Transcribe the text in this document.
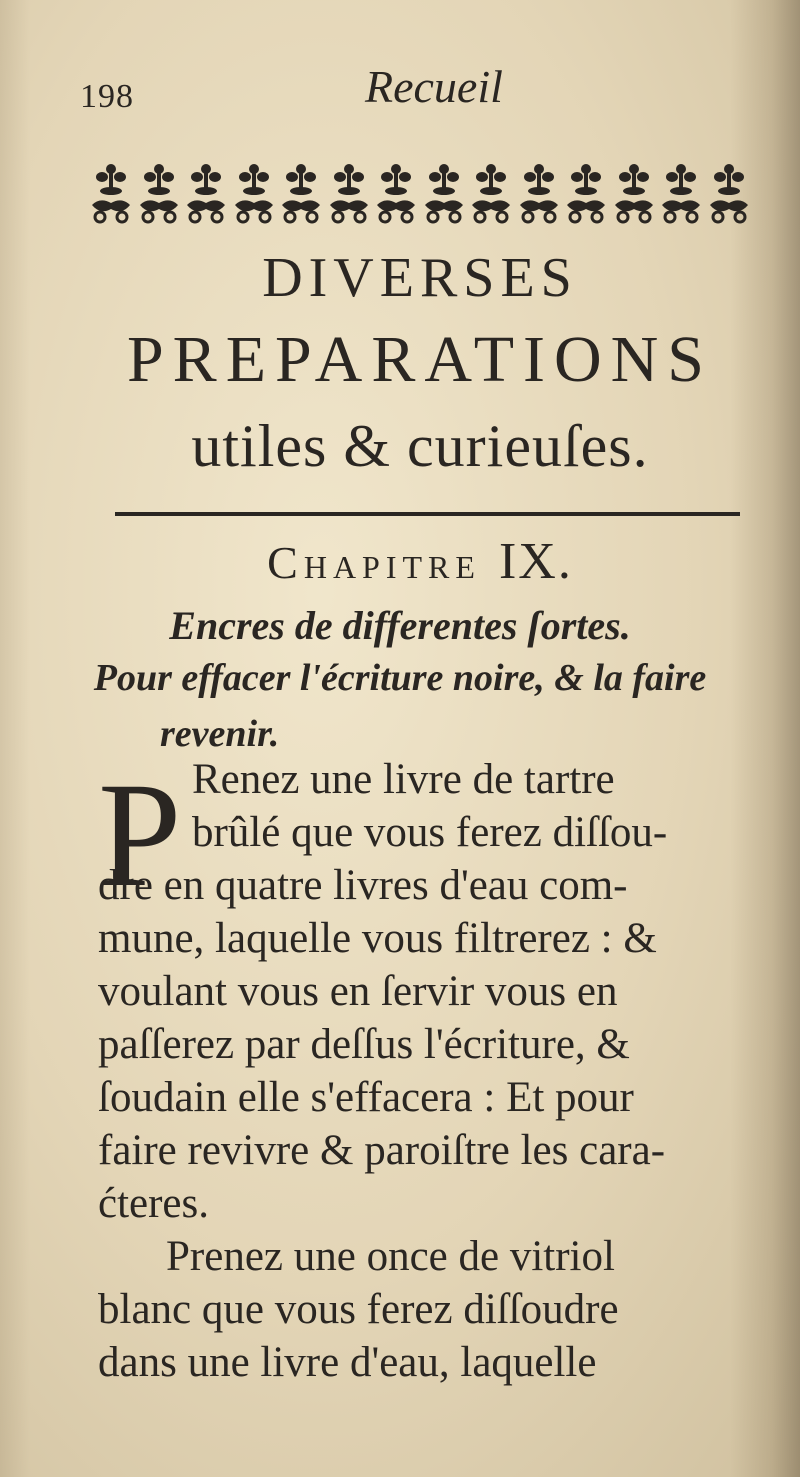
198	Recueil
DIVERSES
PREPARATIONS
utiles & curieuſes.
Chapitre IX.
Encres de differentes ſortes.
Pour effacer l'écriture noire, & la faire
revenir.
P Renez une livre de tartre
brûlé que vous ferez diſſou-
dre en quatre livres d'eau com-
mune, laquelle vous filtrerez : &
voulant vous en ſervir vous en
paſſerez par deſſus l'écriture, &
ſoudain elle s'effacera : Et pour
faire revivre & paroiſtre les cara-
ćteres.
Prenez une once de vitriol
blanc que vous ferez diſſoudre
dans une livre d'eau, laquelle
